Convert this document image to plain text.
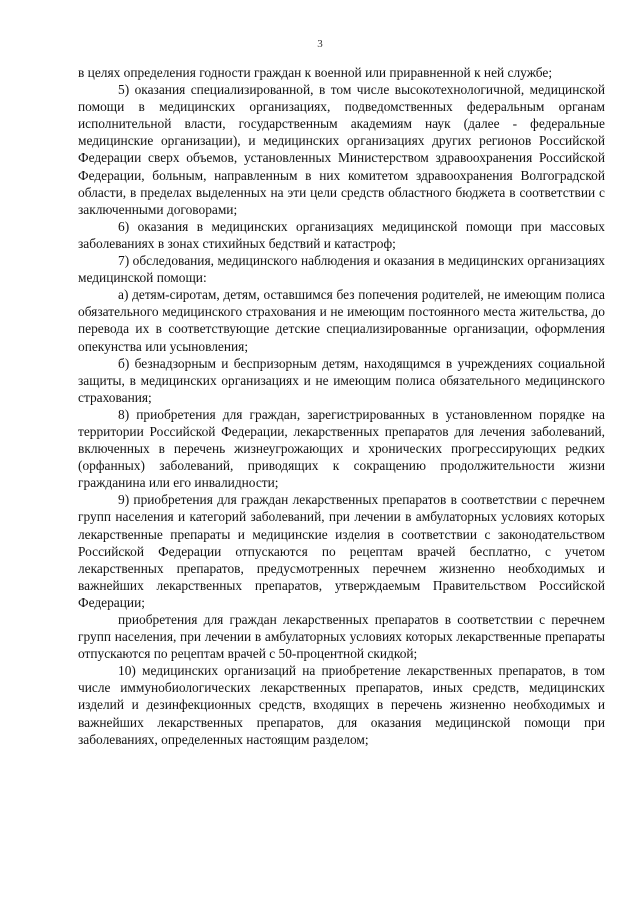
3

в целях определения годности граждан к военной или приравненной к ней службе;

5) оказания специализированной, в том числе высокотехнологичной, медицинской помощи в медицинских организациях, подведомственных федеральным органам исполнительной власти, государственным академиям наук (далее - федеральные медицинские организации), и медицинских организациях других регионов Российской Федерации сверх объемов, установленных Министерством здравоохранения Российской Федерации, больным, направленным в них комитетом здравоохранения Волгоградской области, в пределах выделенных на эти цели средств областного бюджета в соответствии с заключенными договорами;

6) оказания в медицинских организациях медицинской помощи при массовых заболеваниях в зонах стихийных бедствий и катастроф;

7) обследования, медицинского наблюдения и оказания в медицинских организациях медицинской помощи:

а) детям-сиротам, детям, оставшимся без попечения родителей, не имеющим полиса обязательного медицинского страхования и не имеющим постоянного места жительства, до перевода их в соответствующие детские специализированные организации, оформления опекунства или усыновления;

б) безнадзорным и беспризорным детям, находящимся в учреждениях социальной защиты, в медицинских организациях и не имеющим полиса обязательного медицинского страхования;

8) приобретения для граждан, зарегистрированных в установленном порядке на территории Российской Федерации, лекарственных препаратов для лечения заболеваний, включенных в перечень жизнеугрожающих и хронических прогрессирующих редких (орфанных) заболеваний, приводящих к сокращению продолжительности жизни гражданина или его инвалидности;

9) приобретения для граждан лекарственных препаратов в соответствии с перечнем групп населения и категорий заболеваний, при лечении в амбулаторных условиях которых лекарственные препараты и медицинские изделия в соответствии с законодательством Российской Федерации отпускаются по рецептам врачей бесплатно, с учетом лекарственных препаратов, предусмотренных перечнем жизненно необходимых и важнейших лекарственных препаратов, утверждаемым Правительством Российской Федерации;

приобретения для граждан лекарственных препаратов в соответствии с перечнем групп населения, при лечении в амбулаторных условиях которых лекарственные препараты отпускаются по рецептам врачей с 50-процентной скидкой;

10) медицинских организаций на приобретение лекарственных препаратов, в том числе иммунобиологических лекарственных препаратов, иных средств, медицинских изделий и дезинфекционных средств, входящих в перечень жизненно необходимых и важнейших лекарственных препаратов, для оказания медицинской помощи при заболеваниях, определенных настоящим разделом;
